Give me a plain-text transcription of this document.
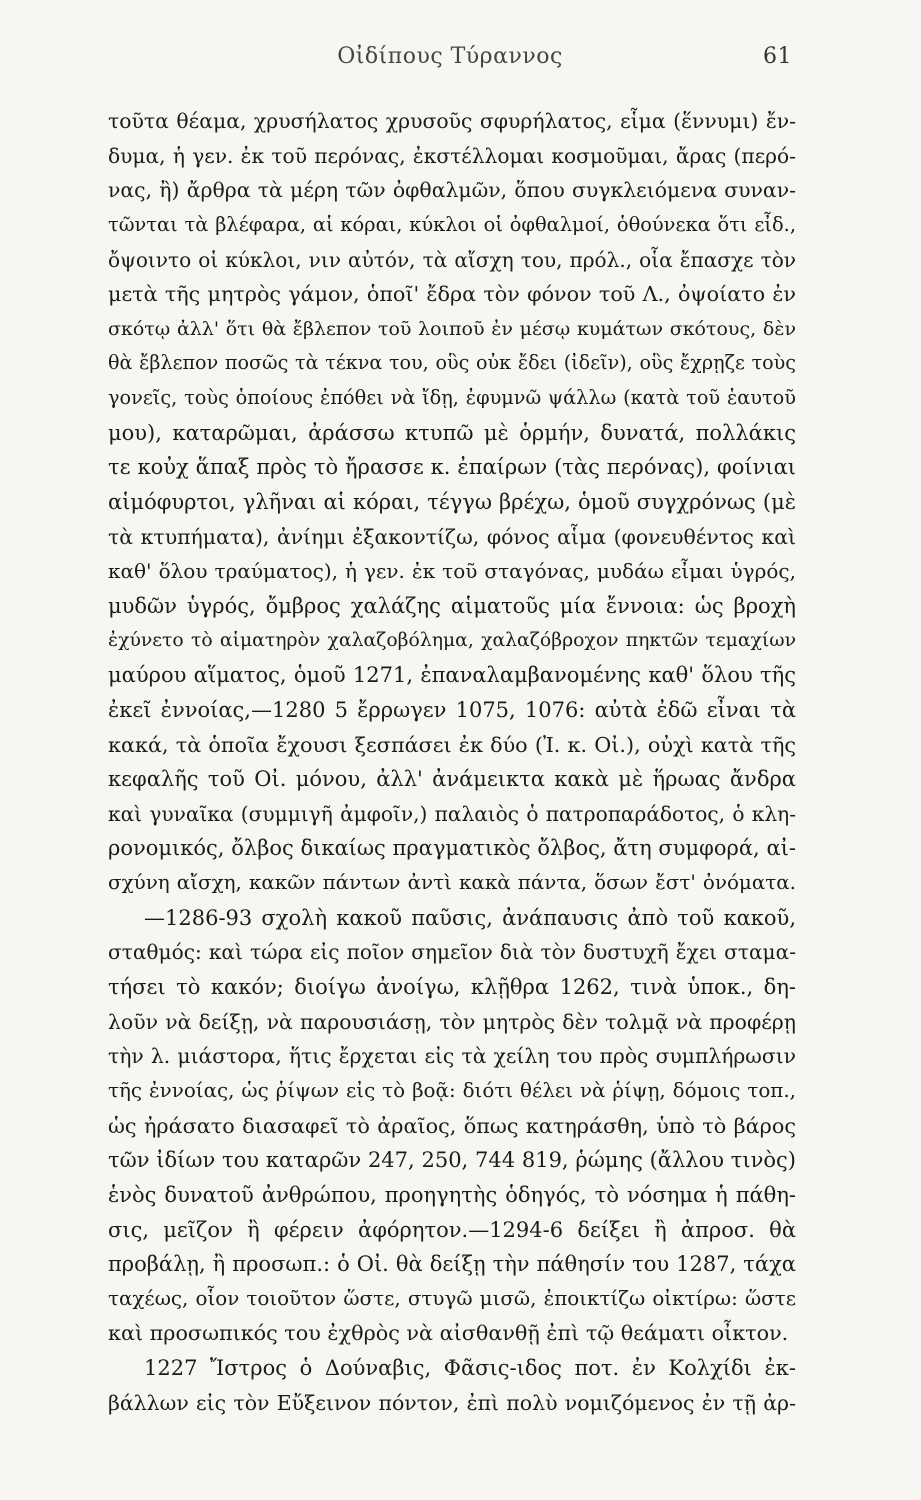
Οἰδίπους Τύραννος	61
τοῦτα θέαμα, χρυσήλατος χρυσοῦς σφυρήλατος, εἷμα (ἕννυμι) ἔν-
δυμα, ἡ γεν. ἐκ τοῦ περόνας, ἐκστέλλομαι κοσμοῦμαι, ἄρας (περό-
νας, ἢ) ἄρθρα τὰ μέρη τῶν ὀφθαλμῶν, ὅπου συγκλειόμενα συναν-
τῶνται τὰ βλέφαρα, αἱ κόραι, κύκλοι οἱ ὀφθαλμοί, ὁθούνεκα ὅτι εἶδ.,
ὄψοιντο οἱ κύκλοι, νιν αὐτόν, τὰ αἴσχη του, πρόλ., οἷα ἔπασχε τὸν
μετὰ τῆς μητρὸς γάμον, ὁποῖ' ἔδρα τὸν φόνον τοῦ Λ., ὀψοίατο ἐν
σκότῳ ἀλλ' ὅτι θὰ ἔβλεπον τοῦ λοιποῦ ἐν μέσῳ κυμάτων σκότους, δὲν
θὰ ἔβλεπον ποσῶς τὰ τέκνα του, οὓς οὐκ ἔδει (ἰδεῖν), οὓς ἔχρῃζε τοὺς
γονεῖς, τοὺς ὁποίους ἐπόθει νὰ ἴδῃ, ἐφυμνῶ ψάλλω (κατὰ τοῦ ἑαυτοῦ
μου), καταρῶμαι, ἀράσσω κτυπῶ μὲ ὁρμήν, δυνατά, πολλάκις
τε κοὐχ ἅπαξ πρὸς τὸ ἤρασσε κ. ἐπαίρων (τὰς περόνας), φοίνιαι
αἱμόφυρτοι, γλῆναι αἱ κόραι, τέγγω βρέχω, ὁμοῦ συγχρόνως (μὲ
τὰ κτυπήματα), ἀνίημι ἐξακοντίζω, φόνος αἷμα (φονευθέντος καὶ
καθ' ὅλου τραύματος), ἡ γεν. ἐκ τοῦ σταγόνας, μυδάω εἶμαι ὑγρός,
μυδῶν ὑγρός, ὄμβρος χαλάζης αἱματοῦς μία ἔννοια: ὡς βροχὴ
ἐχύνετο τὸ αἱματηρὸν χαλαζοβόλημα, χαλαζόβροχον πηκτῶν τεμαχίων
μαύρου αἵματος, ὁμοῦ 1271, ἐπαναλαμβανομένης καθ' ὅλου τῆς
ἐκεῖ ἐννοίας,—1280 5 ἔρρωγεν 1075, 1076: αὐτὰ ἐδῶ εἶναι τὰ
κακά, τὰ ὁποῖα ἔχουσι ξεσπάσει ἐκ δύο (Ἰ. κ. Οἰ.), οὐχὶ κατὰ τῆς
κεφαλῆς τοῦ Οἰ. μόνου, ἀλλ' ἀνάμεικτα κακὰ μὲ ἥρωας ἄνδρα
καὶ γυναῖκα (συμμιγῆ ἀμφοῖν,) παλαιὸς ὁ πατροπαράδοτος, ὁ κλη-
ρονομικός, ὄλβος δικαίως πραγματικὸς ὄλβος, ἄτη συμφορά, αἰ-
σχύνη αἴσχη, κακῶν πάντων ἀντὶ κακὰ πάντα, ὅσων ἔστ' ὀνόματα.
—1286-93 σχολὴ κακοῦ παῦσις, ἀνάπαυσις ἀπὸ τοῦ κακοῦ,
σταθμός: καὶ τώρα εἰς ποῖον σημεῖον διὰ τὸν δυστυχῆ ἔχει σταμα-
τήσει τὸ κακόν; διοίγω ἀνοίγω, κλῇθρα 1262, τινὰ ὑποκ., δη-
λοῦν νὰ δείξῃ, νὰ παρουσιάσῃ, τὸν μητρὸς δὲν τολμᾷ νὰ προφέρῃ
τὴν λ. μιάστορα, ἥτις ἔρχεται εἰς τὰ χείλη του πρὸς συμπλήρωσιν
τῆς ἐννοίας, ὡς ῥίψων εἰς τὸ βοᾷ: διότι θέλει νὰ ῥίψῃ, δόμοις τοπ.,
ὡς ἠράσατο διασαφεῖ τὸ ἀραῖος, ὅπως κατηράσθη, ὑπὸ τὸ βάρος
τῶν ἰδίων του καταρῶν 247, 250, 744 819, ῥώμης (ἄλλου τινὸς)
ἑνὸς δυνατοῦ ἀνθρώπου, προηγητὴς ὁδηγός, τὸ νόσημα ἡ πάθη-
σις, μεῖζον ἢ φέρειν ἀφόρητον.—1294-6 δείξει ἢ ἀπροσ. θὰ
προβάλῃ, ἢ προσωπ.: ὁ Οἰ. θὰ δείξῃ τὴν πάθησίν του 1287, τάχα
ταχέως, οἷον τοιοῦτον ὥστε, στυγῶ μισῶ, ἐποικτίζω οἰκτίρω: ὥστε
καὶ προσωπικός του ἐχθρὸς νὰ αἰσθανθῇ ἐπὶ τῷ θεάματι οἶκτον.
1227 Ἴστρος ὁ Δούναβις, Φᾶσις-ιδος ποτ. ἐν Κολχίδι ἐκ-
βάλλων εἰς τὸν Εὔξεινον πόντον, ἐπὶ πολὺ νομιζόμενος ἐν τῇ ἀρ-
